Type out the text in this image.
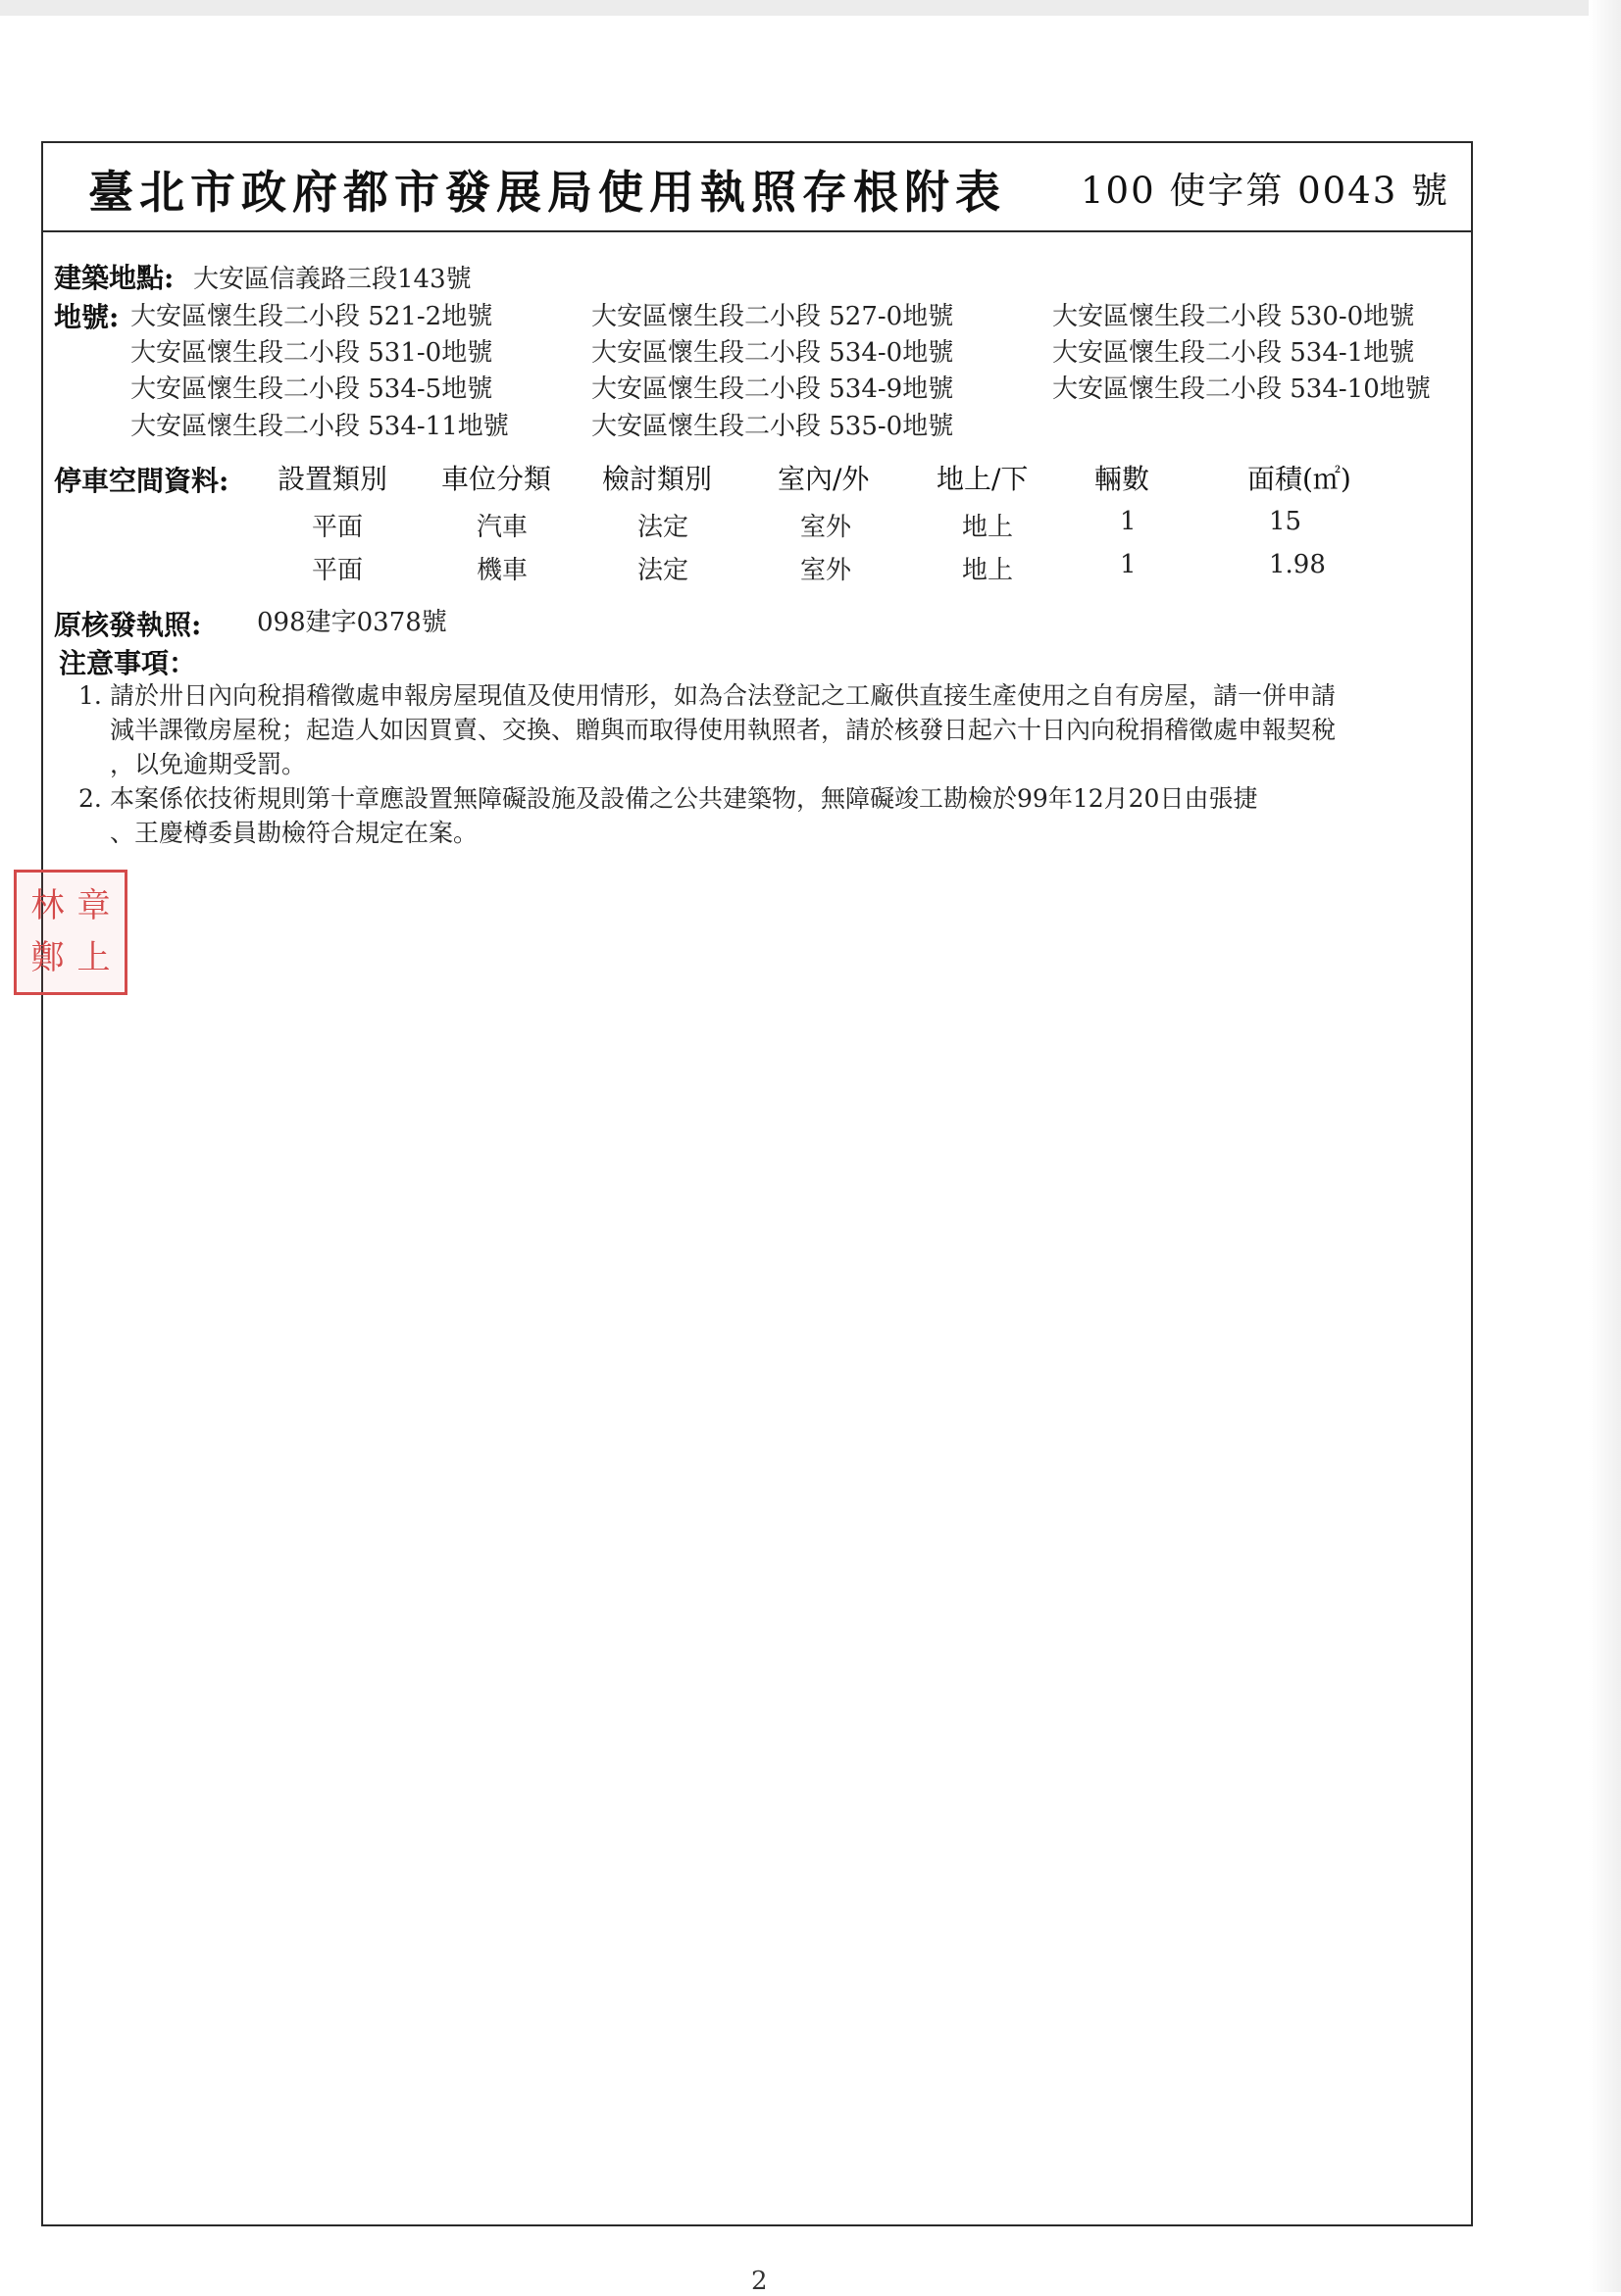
臺北市政府都市發展局使用執照存根附表 100 使字第 0043 號
建築地點: 大安區信義路三段143號
地號: 大安區懷生段二小段 521-2地號	大安區懷生段二小段 527-0地號	大安區懷生段二小段 530-0地號
大安區懷生段二小段 531-0地號	大安區懷生段二小段 534-0地號	大安區懷生段二小段 534-1地號
大安區懷生段二小段 534-5地號	大安區懷生段二小段 534-9地號	大安區懷生段二小段 534-10地號
大安區懷生段二小段 534-11地號	大安區懷生段二小段 535-0地號
停車空間資料: 設置類別 車位分類 檢討類別 室內/外 地上/下 輛數	面積(㎡)
平面	汽車	法定	室外	地上	1	15
平面	機車	法定	室外	地上	1	1.98
原核發執照: 098建字0378號
注意事項：
1. 請於卅日內向稅捐稽徵處申報房屋現值及使用情形，如為合法登記之工廠供直接生產使用之自有房屋，請一併申請
減半課徵房屋稅；起造人如因買賣、交換、贈與而取得使用執照者，請於核發日起六十日內向稅捐稽徵處申報契稅
，以免逾期受罰。
2. 本案係依技術規則第十章應設置無障礙設施及設備之公共建築物，無障礙竣工勘檢於99年12月20日由張捷
、王慶樽委員勘檢符合規定在案。
林 章
鄭 上
2
